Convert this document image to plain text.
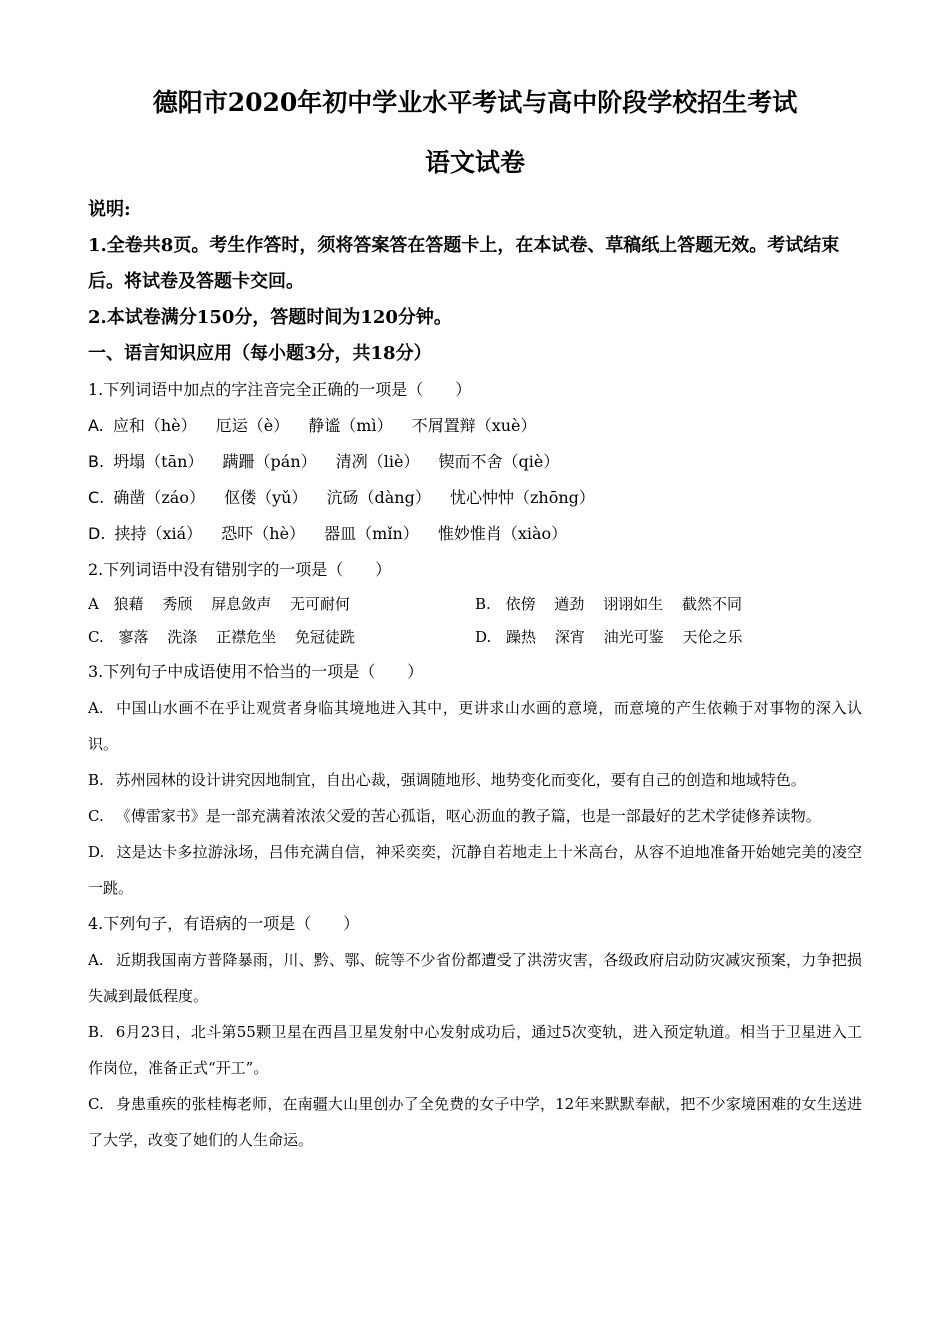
德阳市2020年初中学业水平考试与高中阶段学校招生考试
语文试卷

说明:

1.全卷共8页。考生作答时，须将答案答在答题卡上，在本试卷、草稿纸上答题无效。考试结束后。将试卷及答题卡交回。

2.本试卷满分150分，答题时间为120分钟。

一、语言知识应用（每小题3分，共18分）

1.下列词语中加点的字注音完全正确的一项是（　　）

A. 应和（hè） 厄运（è） 静谧（mì） 不屑置辩（xuè）

B. 坍塌（tān） 蹒跚（pán） 清冽（liè） 锲而不舍（qiè）

C. 确凿（záo） 伛偻（yǔ） 沆砀（dàng） 忧心忡忡（zhōng）

D. 挟持（xiá） 恐吓（hè） 器皿（mǐn） 惟妙惟肖（xiào）

2.下列词语中没有错别字的一项是（　　）

A 狼藉 秀颀 屏息敛声 无可耐何	B. 依傍 遒劲 诩诩如生 截然不同
C. 寥落 洗涤 正襟危坐 免冠徒跣	D. 躁热 深宵 油光可鉴 天伦之乐

3.下列句子中成语使用不恰当的一项是（　　）

A. 中国山水画不在乎让观赏者身临其境地进入其中，更讲求山水画的意境，而意境的产生依赖于对事物的深入认识。

B. 苏州园林的设计讲究因地制宜，自出心裁，强调随地形、地势变化而变化，要有自己的创造和地域特色。

C. 《傅雷家书》是一部充满着浓浓父爱的苦心孤诣，呕心沥血的教子篇，也是一部最好的艺术学徒修养读物。

D. 这是达卡多拉游泳场，吕伟充满自信，神采奕奕，沉静自若地走上十米高台，从容不迫地准备开始她完美的凌空一跳。

4.下列句子，有语病的一项是（　　）

A. 近期我国南方普降暴雨，川、黔、鄂、皖等不少省份都遭受了洪涝灾害，各级政府启动防灾减灾预案，力争把损失减到最低程度。

B. 6月23日，北斗第55颗卫星在西昌卫星发射中心发射成功后，通过5次变轨，进入预定轨道。相当于卫星进入工作岗位，准备正式“开工”。

C. 身患重疾的张桂梅老师，在南疆大山里创办了全免费的女子中学，12年来默默奉献，把不少家境困难的女生送进了大学，改变了她们的人生命运。
